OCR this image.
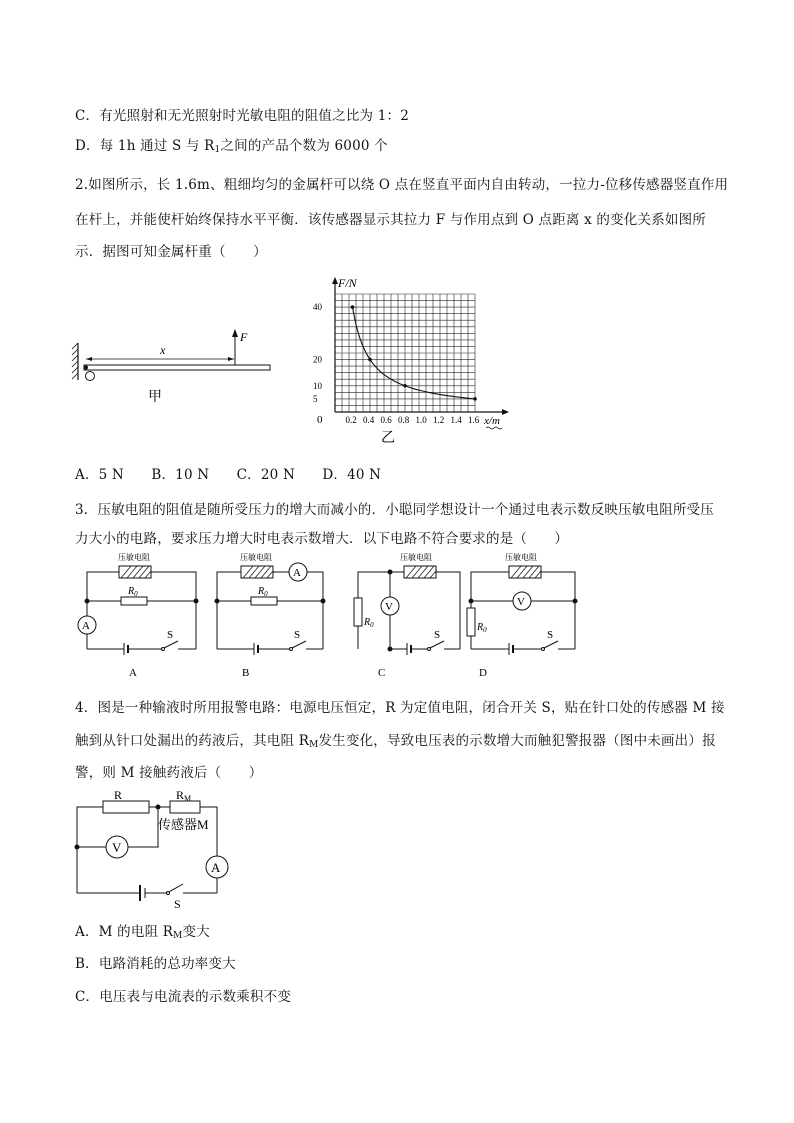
C．有光照射和无光照射时光敏电阻的阻值之比为 1：2
D．每 1h 通过 S 与 $R_1$之间的产品个数为 6000 个
2.如图所示，长 1.6m、粗细均匀的金属杆可以绕 O 点在竖直平面内自由转动，一拉力-位移传感器竖直作用
在杆上，并能使杆始终保持水平平衡．该传感器显示其拉力 F 与作用点到 O 点距离 x 的变化关系如图所
示．据图可知金属杆重（　　）
x
F
甲
0.2 0.4 0.6 0.8 1.0 1.2 1.4 1.6
5
10
20
40
F/N
x/m
0
乙
A．5 N　　B．10 N　　C．20 N　　D．40 N
3．压敏电阻的阻值是随所受压力的增大而减小的．小聪同学想设计一个通过电表示数反映压敏电阻所受压
力大小的电路，要求压力增大时电表示数增大．以下电路不符合要求的是（　　）
压敏电阻
$R_0$
A
S
A
压敏电阻
A
$R_0$
S
B
压敏电阻
$R_0$
V
S
C
压敏电阻
V
$R_0$	S
D
4．图是一种输液时所用报警电路：电源电压恒定，R 为定值电阻，闭合开关 S，贴在针口处的传感器 M 接
触到从针口处漏出的药液后，其电阻 $R_M$发生变化，导致电压表的示数增大而触犯警报器（图中未画出）报
警，则 M 接触药液后（　　）
R	RM
传感器M
V
A
S
A．M 的电阻 $R_M$变大
B．电路消耗的总功率变大
C．电压表与电流表的示数乘积不变
